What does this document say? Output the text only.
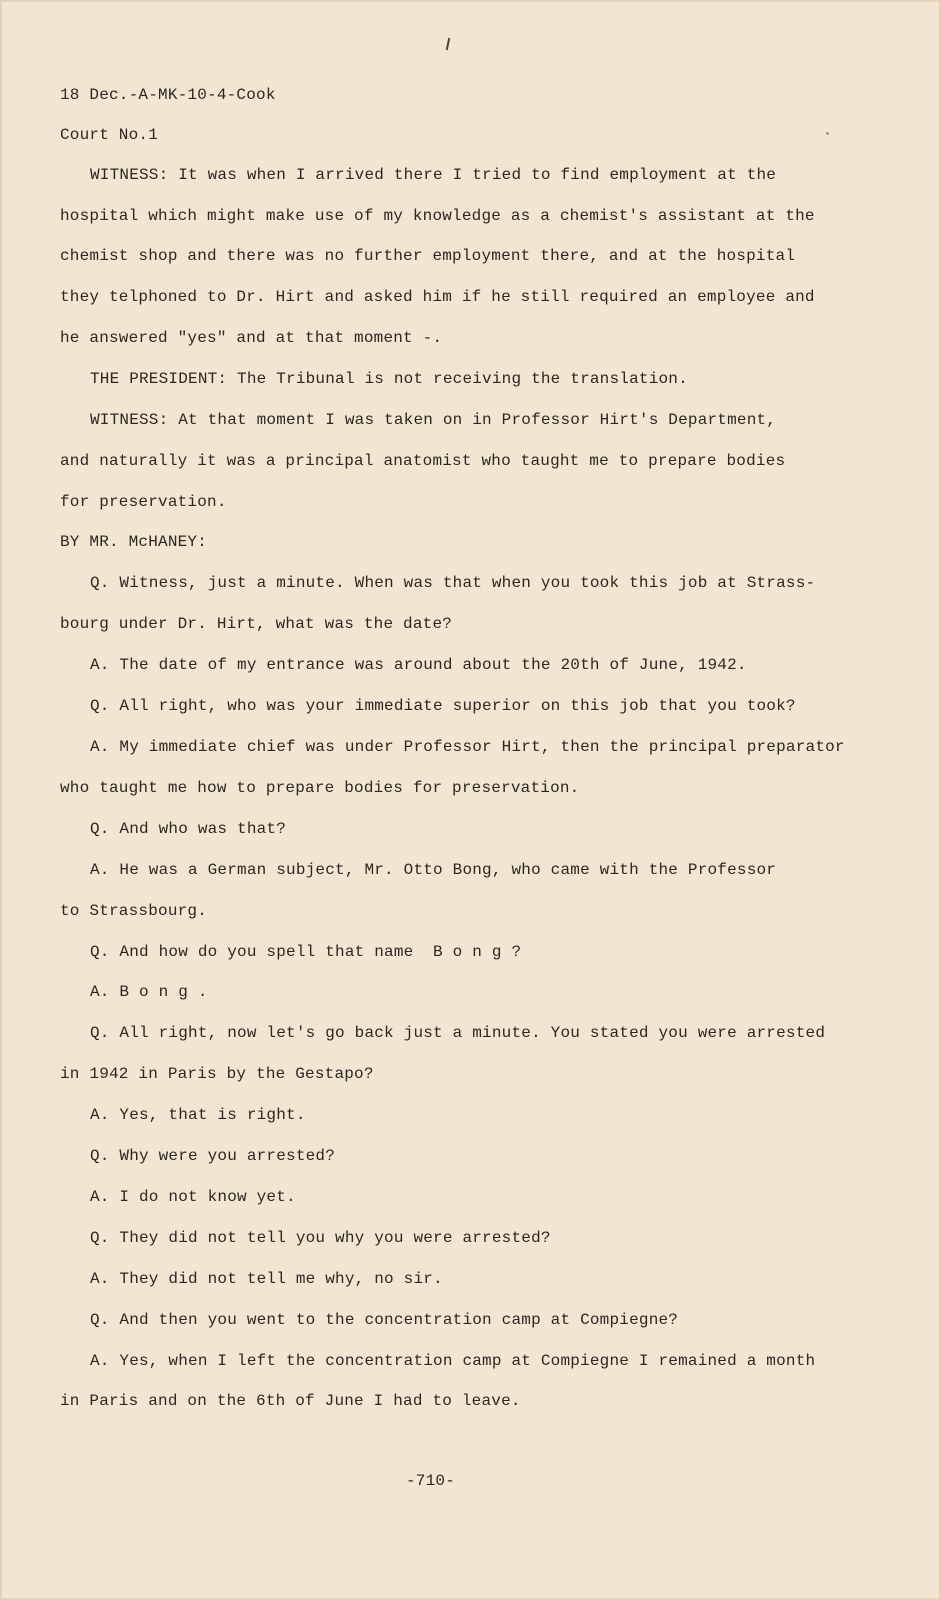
18 Dec.-A-MK-10-4-Cook
Court No.1
WITNESS: It was when I arrived there I tried to find employment at the
hospital which might make use of my knowledge as a chemist's assistant at the
chemist shop and there was no further employment there, and at the hospital
they telphoned to Dr. Hirt and asked him if he still required an employee and
he answered "yes" and at that moment -.
THE PRESIDENT: The Tribunal is not receiving the translation.
WITNESS: At that moment I was taken on in Professor Hirt's Department,
and naturally it was a principal anatomist who taught me to prepare bodies
for preservation.
BY MR. McHANEY:
Q. Witness, just a minute. When was that when you took this job at Strass-
bourg under Dr. Hirt, what was the date?
A. The date of my entrance was around about the 20th of June, 1942.
Q. All right, who was your immediate superior on this job that you took?
A. My immediate chief was under Professor Hirt, then the principal preparator
who taught me how to prepare bodies for preservation.
Q. And who was that?
A. He was a German subject, Mr. Otto Bong, who came with the Professor
to Strassbourg.
Q. And how do you spell that name  B o n g ?
A. B o n g .
Q. All right, now let's go back just a minute. You stated you were arrested
in 1942 in Paris by the Gestapo?
A. Yes, that is right.
Q. Why were you arrested?
A. I do not know yet.
Q. They did not tell you why you were arrested?
A. They did not tell me why, no sir.
Q. And then you went to the concentration camp at Compiegne?
A. Yes, when I left the concentration camp at Compiegne I remained a month
in Paris and on the 6th of June I had to leave.
-710-
